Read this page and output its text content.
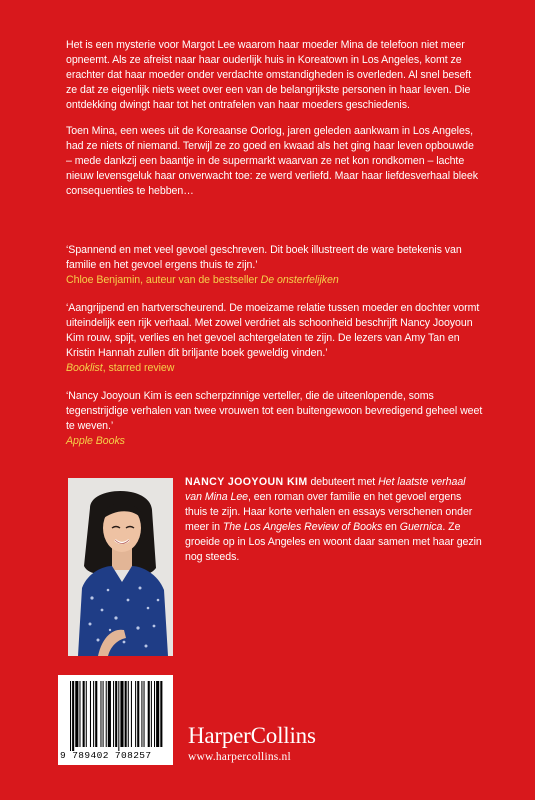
Het is een mysterie voor Margot Lee waarom haar moeder Mina de telefoon niet meer opneemt. Als ze afreist naar haar ouderlijk huis in Koreatown in Los Angeles, komt ze erachter dat haar moeder onder verdachte omstandigheden is overleden. Al snel beseft ze dat ze eigenlijk niets weet over een van de belangrijkste personen in haar leven. Die ontdekking dwingt haar tot het ontrafelen van haar moeders geschiedenis.

Toen Mina, een wees uit de Koreaanse Oorlog, jaren geleden aankwam in Los Angeles, had ze niets of niemand. Terwijl ze zo goed en kwaad als het ging haar leven opbouwde – mede dankzij een baantje in de supermarkt waarvan ze net kon rondkomen – lachte nieuw levensgeluk haar onverwacht toe: ze werd verliefd. Maar haar liefdesverhaal bleek consequenties te hebben…

‘Spannend en met veel gevoel geschreven. Dit boek illustreert de ware betekenis van familie en het gevoel ergens thuis te zijn.’
Chloe Benjamin, auteur van de bestseller De onsterfelijken
‘Aangrijpend en hartverscheurend. De moeizame relatie tussen moeder en dochter vormt uiteindelijk een rijk verhaal. Met zowel verdriet als schoonheid beschrijft Nancy Jooyoun Kim rouw, spijt, verlies en het gevoel achtergelaten te zijn. De lezers van Amy Tan en Kristin Hannah zullen dit briljante boek geweldig vinden.’
Booklist, starred review
‘Nancy Jooyoun Kim is een scherpzinnige verteller, die de uiteenlopende, soms tegenstrijdige verhalen van twee vrouwen tot een buitengewoon bevredigend geheel weet te weven.’
Apple Books
NANCY JOOYOUN KIM debuteert met Het laatste verhaal van Mina Lee, een roman over familie en het gevoel ergens thuis te zijn. Haar korte verhalen en essays verschenen onder meer in The Los Angeles Review of Books en Guernica. Ze groeide op in Los Angeles en woont daar samen met haar gezin nog steeds.
9 789402 708257
HarperCollins
www.harpercollins.nl
